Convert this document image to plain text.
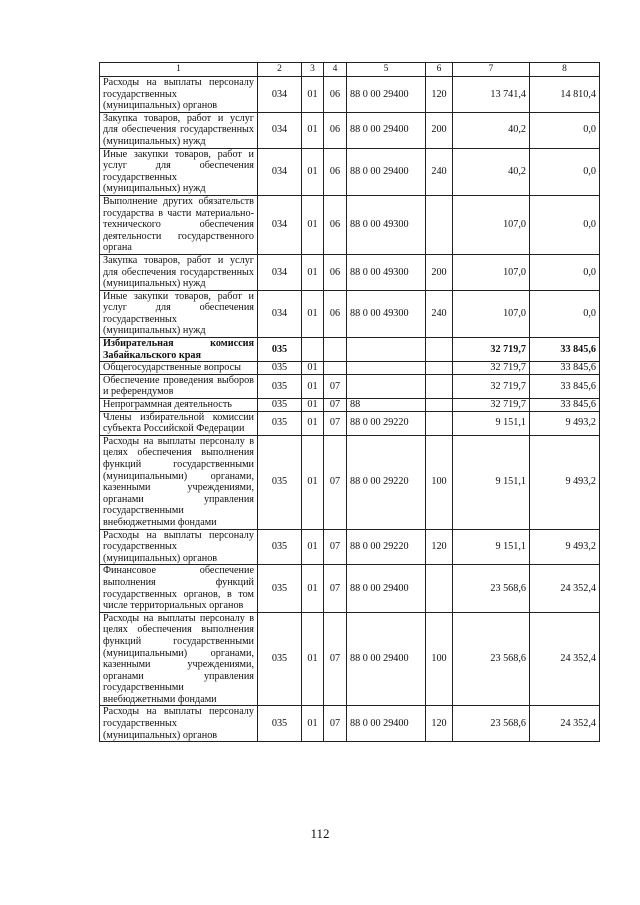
1	2	3	4	5	6	7	8
Расходы на выплаты персоналу государственных (муниципальных) органов	034	01	06	88 0 00 29400	120	13 741,4	14 810,4
Закупка товаров, работ и услуг для обеспечения государственных (муниципальных) нужд	034	01	06	88 0 00 29400	200	40,2	0,0
Иные закупки товаров, работ и услуг для обеспечения государственных (муниципальных) нужд	034	01	06	88 0 00 29400	240	40,2	0,0
Выполнение других обязательств государства в части материально-технического обеспечения деятельности государственного органа	034	01	06	88 0 00 49300		107,0	0,0
Закупка товаров, работ и услуг для обеспечения государственных (муниципальных) нужд	034	01	06	88 0 00 49300	200	107,0	0,0
Иные закупки товаров, работ и услуг для обеспечения государственных (муниципальных) нужд	034	01	06	88 0 00 49300	240	107,0	0,0
Избирательная комиссия Забайкальского края	035					32 719,7	33 845,6
Общегосударственные вопросы	035	01				32 719,7	33 845,6
Обеспечение проведения выборов и референдумов	035	01	07			32 719,7	33 845,6
Непрограммная деятельность	035	01	07	88		32 719,7	33 845,6
Члены избирательной комиссии субъекта Российской Федерации	035	01	07	88 0 00 29220		9 151,1	9 493,2
Расходы на выплаты персоналу в целях обеспечения выполнения функций государственными (муниципальными) органами, казенными учреждениями, органами управления государственными внебюджетными фондами	035	01	07	88 0 00 29220	100	9 151,1	9 493,2
Расходы на выплаты персоналу государственных (муниципальных) органов	035	01	07	88 0 00 29220	120	9 151,1	9 493,2
Финансовое обеспечение выполнения функций государственных органов, в том числе территориальных органов	035	01	07	88 0 00 29400		23 568,6	24 352,4
Расходы на выплаты персоналу в целях обеспечения выполнения функций государственными (муниципальными) органами, казенными учреждениями, органами управления государственными внебюджетными фондами	035	01	07	88 0 00 29400	100	23 568,6	24 352,4
Расходы на выплаты персоналу государственных (муниципальных) органов	035	01	07	88 0 00 29400	120	23 568,6	24 352,4
112
